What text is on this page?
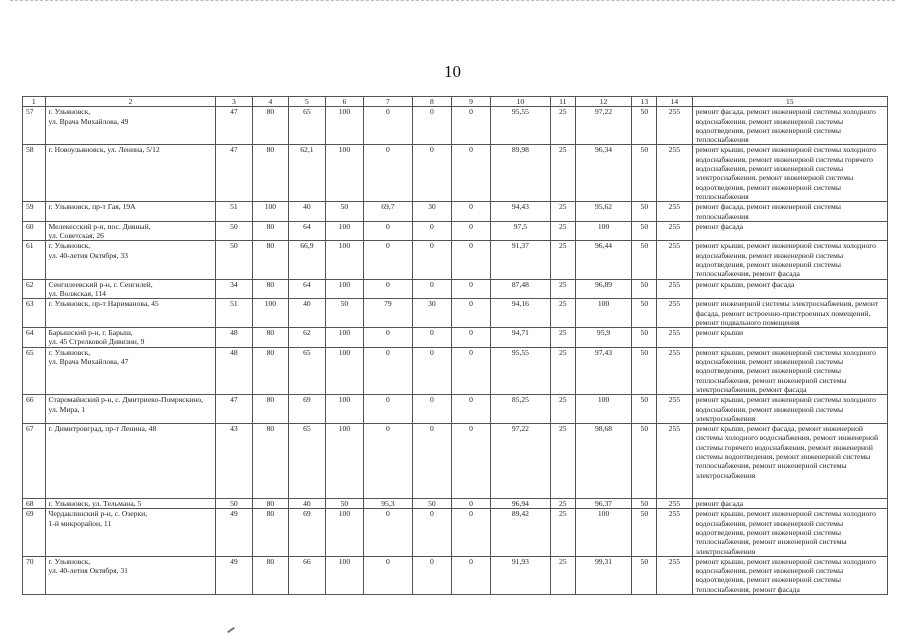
10
1	2	3	4	5	6	7	8	9	10	11	12	13	14	15
57	г. Ульяновск,
ул. Врача Михайлова, 49	47	80	65	100	0	0	0	95,55	25	97,22	50	255	ремонт фасада, ремонт инженерной системы холодного водоснабжения, ремонт инженерной системы водоотведения, ремонт инженерной системы теплоснабжения
58	г. Новоульяновск, ул. Ленина, 5/12	47	80	62,1	100	0	0	0	89,98	25	96,34	50	255	ремонт крыши, ремонт инженерной системы холодного водоснабжения, ремонт инженерной системы горячего водоснабжения, ремонт инженерной системы электроснабжения, ремонт инженерной системы водоотведения, ремонт инженерной системы теплоснабжения
59	г. Ульяновск, пр-т Гая, 19А	51	100	40	50	69,7	30	0	94,43	25	95,62	50	255	ремонт фасада, ремонт инженерной системы теплоснабжения
60	Мелекесский р-н, пос. Дивный,
ул. Советская, 26	50	80	64	100	0	0	0	97,5	25	100	50	255	ремонт фасада
61	г. Ульяновск,
ул. 40-летия Октября, 33	50	80	66,9	100	0	0	0	91,37	25	96,44	50	255	ремонт крыши, ремонт инженерной системы холодного водоснабжения, ремонт инженерной системы водоотведения, ремонт инженерной системы теплоснабжения, ремонт фасада
62	Сенгилеевский р-н, г. Сенгилей,
ул. Волжская, 114	34	80	64	100	0	0	0	87,48	25	96,89	50	255	ремонт крыши, ремонт фасада
63	г. Ульяновск, пр-т Нариманова, 45	51	100	40	50	79	30	0	94,16	25	100	50	255	ремонт инженерной системы электроснабжения, ремонт фасада, ремонт встроенно-пристроенных помещений, ремонт подвального помещения
64	Барышский р-н, г. Барыш,
ул. 45 Стрелковой Дивизии, 9	48	80	62	100	0	0	0	94,71	25	95,9	50	255	ремонт крыши
65	г. Ульяновск,
ул. Врача Михайлова, 47	48	80	65	100	0	0	0	95,55	25	97,43	50	255	ремонт крыши, ремонт инженерной системы холодного водоснабжения, ремонт инженерной системы водоотведения, ремонт инженерной системы теплоснабжения, ремонт инженерной системы электроснабжения, ремонт фасада
66	Старомайнский р-н, с. Дмитриево-Помряскино, ул. Мира, 1	47	80	69	100	0	0	0	85,25	25	100	50	255	ремонт крыши, ремонт инженерной системы холодного водоснабжения, ремонт инженерной системы электроснабжения
67	г. Димитровград, пр-т Ленина, 48	43	80	65	100	0	0	0	97,22	25	98,68	50	255	ремонт крыши, ремонт фасада, ремонт инженерной системы холодного водоснабжения, ремонт инженерной системы горячего водоснабжения, ремонт инженерной системы водоотведения, ремонт инженерной системы теплоснабжения, ремонт инженерной системы электроснабжения
68	г. Ульяновск, ул. Тельмана, 5	50	80	40	50	95,3	50	0	96,94	25	96,37	50	255	ремонт фасада
69	Чердаклинский р-н, с. Озерки,
1-й микрорайон, 11	49	80	69	100	0	0	0	89,42	25	100	50	255	ремонт крыши, ремонт инженерной системы холодного водоснабжения, ремонт инженерной системы водоотведения, ремонт инженерной системы теплоснабжения, ремонт инженерной системы электроснабжения
70	г. Ульяновск,
ул. 40-летия Октября, 31	49	80	66	100	0	0	0	91,93	25	99,31	50	255	ремонт крыши, ремонт инженерной системы холодного водоснабжения, ремонт инженерной системы водоотведения, ремонт инженерной системы теплоснабжения, ремонт фасада
